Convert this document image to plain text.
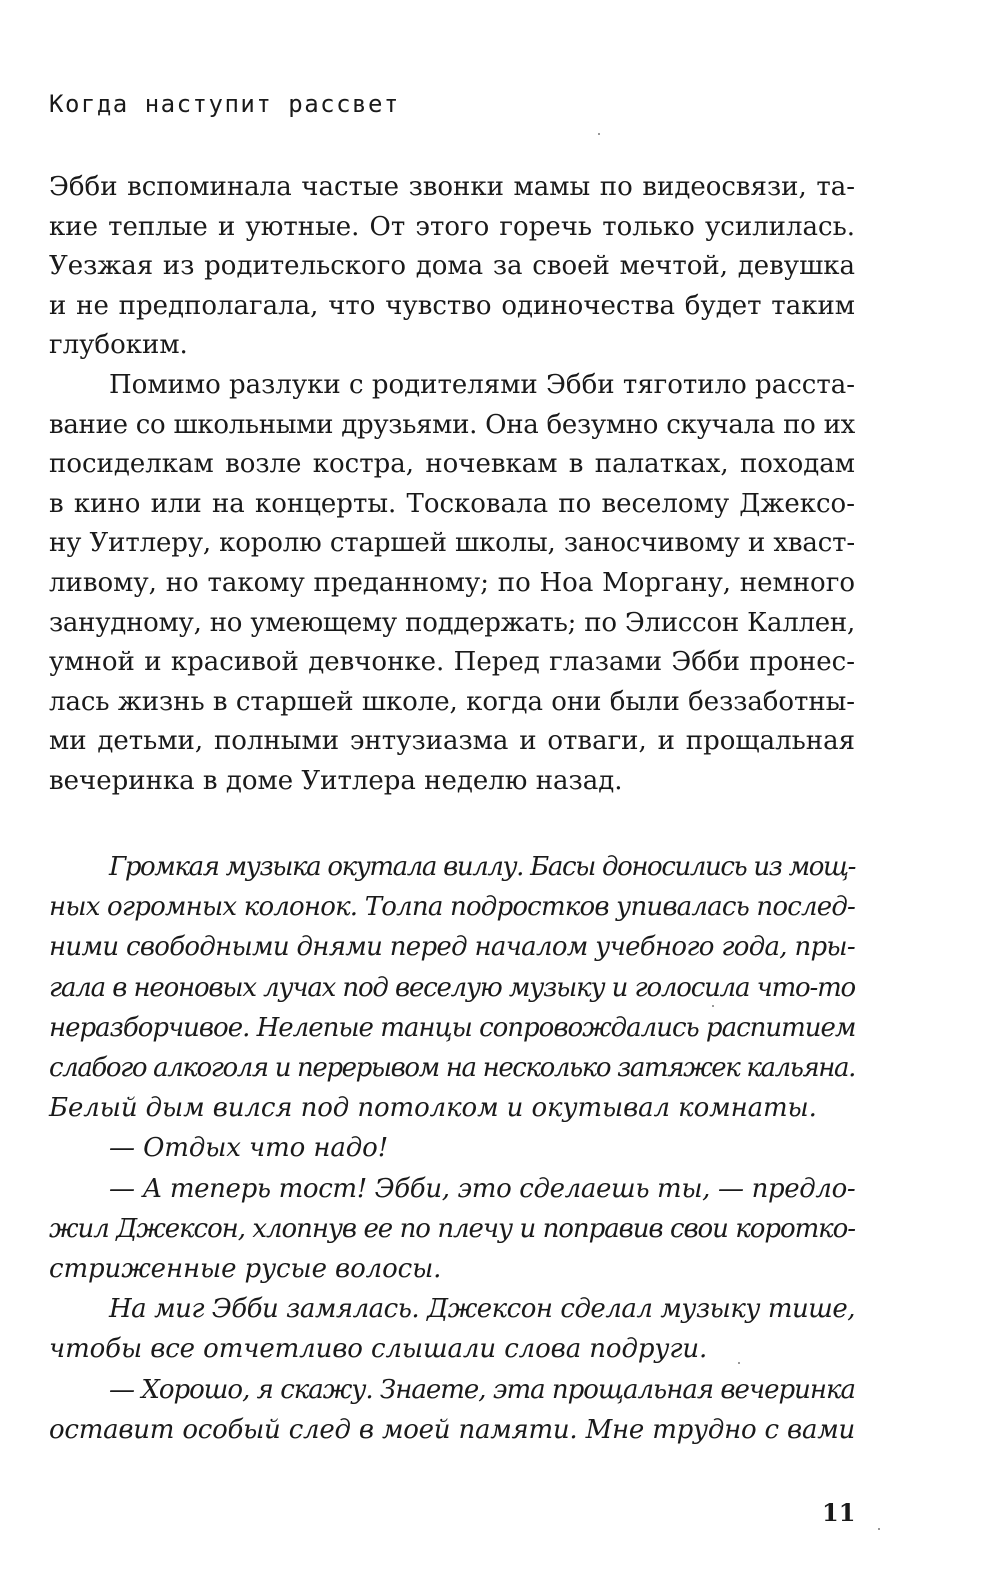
Когда наступит рассвет

Эбби вспоминала частые звонки мамы по видеосвязи, та-
кие теплые и уютные. От этого горечь только усилилась.
Уезжая из родительского дома за своей мечтой, девушка
и не предполагала, что чувство одиночества будет таким
глубоким.

Помимо разлуки с родителями Эбби тяготило расста-
вание со школьными друзьями. Она безумно скучала по их
посиделкам возле костра, ночевкам в палатках, походам
в кино или на концерты. Тосковала по веселому Джексо-
ну Уитлеру, королю старшей школы, заносчивому и хваст-
ливому, но такому преданному; по Ноа Моргану, немного
занудному, но умеющему поддержать; по Элиссон Каллен,
умной и красивой девчонке. Перед глазами Эбби пронес-
лась жизнь в старшей школе, когда они были беззаботны-
ми детьми, полными энтузиазма и отваги, и прощальная
вечеринка в доме Уитлера неделю назад.

Громкая музыка окутала виллу. Басы доносились из мощ-
ных огромных колонок. Толпа подростков упивалась послед-
ними свободными днями перед началом учебного года, пры-
гала в неоновых лучах под веселую музыку и голосила что-то
неразборчивое. Нелепые танцы сопровождались распитием
слабого алкоголя и перерывом на несколько затяжек кальяна.
Белый дым вился под потолком и окутывал комнаты.

— Отдых что надо!

— А теперь тост! Эбби, это сделаешь ты, — предло-
жил Джексон, хлопнув ее по плечу и поправив свои коротко-
стриженные русые волосы.

На миг Эбби замялась. Джексон сделал музыку тише,
чтобы все отчетливо слышали слова подруги.

— Хорошо, я скажу. Знаете, эта прощальная вечеринка
оставит особый след в моей памяти. Мне трудно с вами

11
